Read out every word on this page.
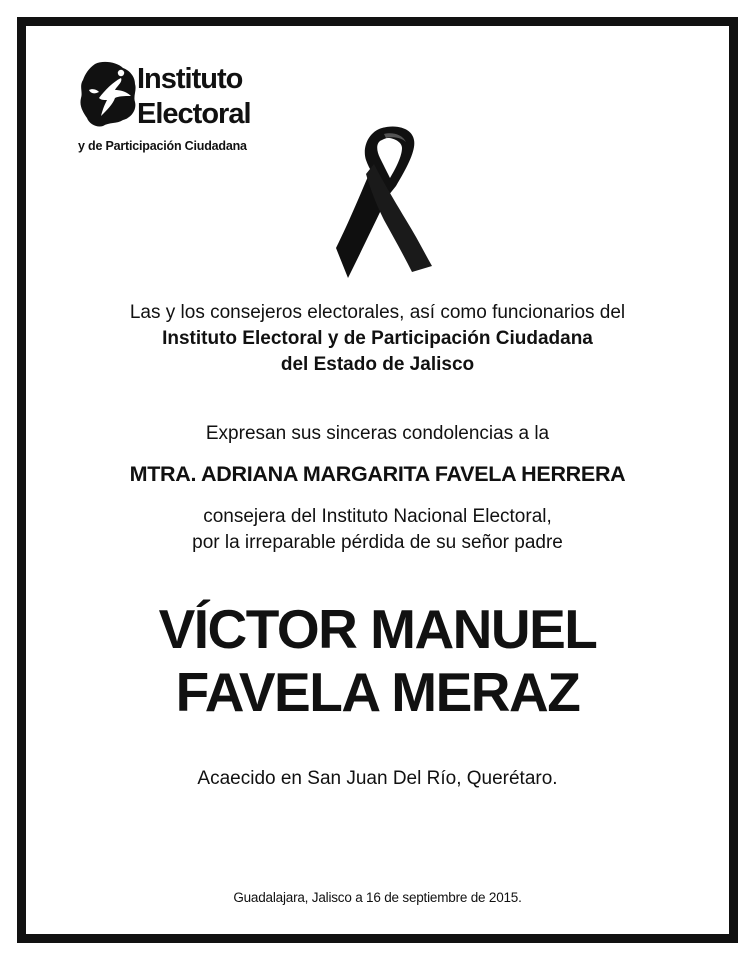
Instituto
Electoral
y de Participación Ciudadana
Las y los consejeros electorales, así como funcionarios del
Instituto Electoral y de Participación Ciudadana
del Estado de Jalisco
Expresan sus sinceras condolencias a la
MTRA. ADRIANA MARGARITA FAVELA HERRERA
consejera del Instituto Nacional Electoral,
por la irreparable pérdida de su señor padre
VÍCTOR MANUEL
FAVELA MERAZ
Acaecido en San Juan Del Río, Querétaro.
Guadalajara, Jalisco a 16 de septiembre de 2015.
